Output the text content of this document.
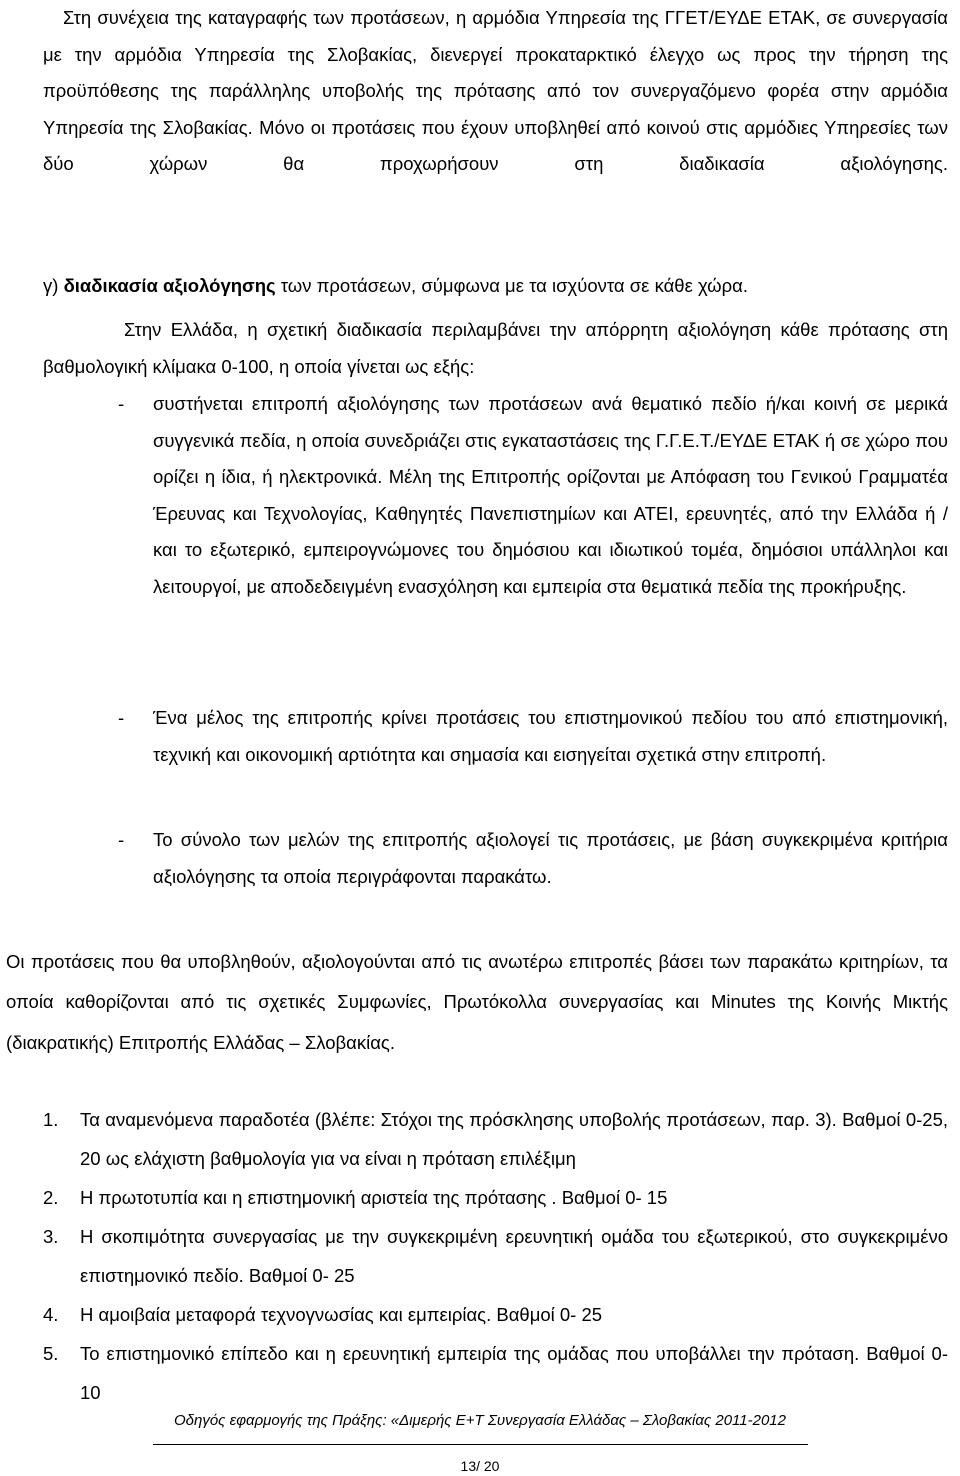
Στη συνέχεια της καταγραφής των προτάσεων, η αρμόδια Υπηρεσία της ΓΓΕΤ/ΕΥΔΕ ΕΤΑΚ, σε συνεργασία με την αρμόδια Υπηρεσία της Σλοβακίας, διενεργεί προκαταρκτικό έλεγχο ως προς την τήρηση της προϋπόθεσης της παράλληλης υποβολής της πρότασης από τον συνεργαζόμενο φορέα στην αρμόδια Υπηρεσία της Σλοβακίας. Μόνο οι προτάσεις που έχουν υποβληθεί από κοινού στις αρμόδιες Υπηρεσίες των δύο χώρων θα προχωρήσουν στη διαδικασία αξιολόγησης.

γ) διαδικασία αξιολόγησης των προτάσεων, σύμφωνα με τα ισχύοντα σε κάθε χώρα.

Στην Ελλάδα, η σχετική διαδικασία περιλαμβάνει την απόρρητη αξιολόγηση κάθε πρότασης στη βαθμολογική κλίμακα 0-100, η οποία γίνεται ως εξής:

- συστήνεται επιτροπή αξιολόγησης των προτάσεων ανά θεματικό πεδίο ή/και κοινή σε μερικά συγγενικά πεδία, η οποία συνεδριάζει στις εγκαταστάσεις της Γ.Γ.Ε.Τ./ΕΥΔΕ ΕΤΑΚ ή σε χώρο που ορίζει η ίδια, ή ηλεκτρονικά. Μέλη της Επιτροπής ορίζονται με Απόφαση του Γενικού Γραμματέα Έρευνας και Τεχνολογίας, Καθηγητές Πανεπιστημίων και ΑΤΕΙ, ερευνητές, από την Ελλάδα ή / και το εξωτερικό, εμπειρογνώμονες του δημόσιου και ιδιωτικού τομέα, δημόσιοι υπάλληλοι και λειτουργοί, με αποδεδειγμένη ενασχόληση και εμπειρία στα θεματικά πεδία της προκήρυξης.

- Ένα μέλος της επιτροπής κρίνει προτάσεις του επιστημονικού πεδίου του από επιστημονική, τεχνική και οικονομική αρτιότητα και σημασία και εισηγείται σχετικά στην επιτροπή.

- Το σύνολο των μελών της επιτροπής αξιολογεί τις προτάσεις, με βάση συγκεκριμένα κριτήρια αξιολόγησης τα οποία περιγράφονται παρακάτω.

Οι προτάσεις που θα υποβληθούν, αξιολογούνται από τις ανωτέρω επιτροπές βάσει των παρακάτω κριτηρίων, τα οποία καθορίζονται από τις σχετικές Συμφωνίες, Πρωτόκολλα συνεργασίας και Minutes της Κοινής Μικτής (διακρατικής) Επιτροπής Ελλάδας – Σλοβακίας.

1. Τα αναμενόμενα παραδοτέα (βλέπε: Στόχοι της πρόσκλησης υποβολής προτάσεων, παρ. 3). Βαθμοί 0-25, 20 ως ελάχιστη βαθμολογία για να είναι η πρόταση επιλέξιμη

2. Η πρωτοτυπία και η επιστημονική αριστεία της πρότασης . Βαθμοί 0- 15

3. Η σκοπιμότητα συνεργασίας με την συγκεκριμένη ερευνητική ομάδα του εξωτερικού, στο συγκεκριμένο επιστημονικό πεδίο. Βαθμοί 0- 25

4. Η αμοιβαία μεταφορά τεχνογνωσίας και εμπειρίας. Βαθμοί 0- 25

5. Το επιστημονικό επίπεδο και η ερευνητική εμπειρία της ομάδας που υποβάλλει την πρόταση. Βαθμοί 0- 10

Οδηγός εφαρμογής της Πράξης: «Διμερής Ε+Τ Συνεργασία Ελλάδας – Σλοβακίας 2011-2012
13/ 20
